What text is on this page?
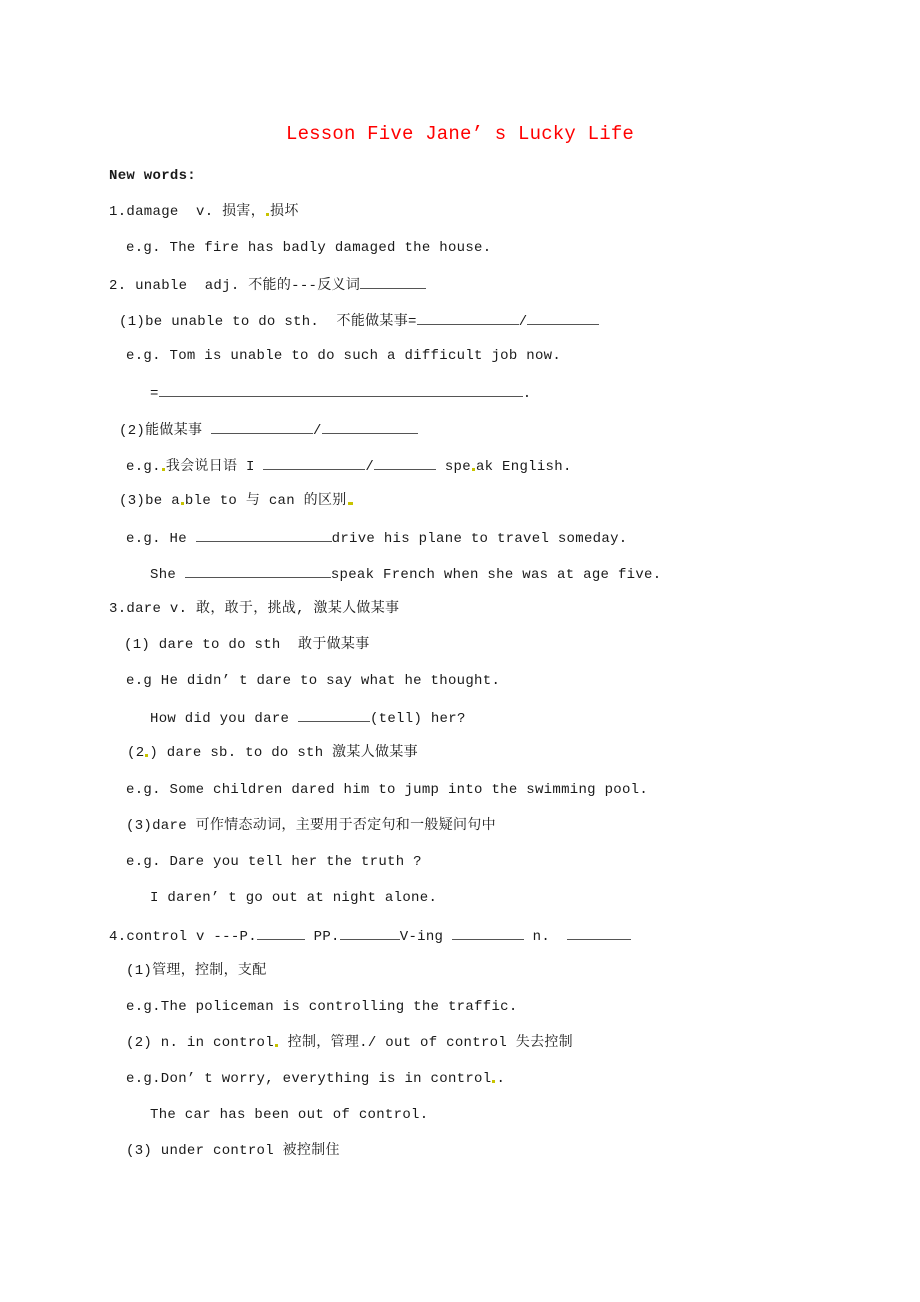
Lesson Five Jane’ s Lucky Life
New words:
1.damage  v. 损害， 损坏
e.g. The fire has badly damaged the house.
2. unable  adj. 不能的---反义词
(1)be unable to do sth.  不能做某事=	/
e.g. Tom is unable to do such a difficult job now.
=	.
(2)能做某事	/
e.g. 我会说日语 I	/	spe ak English.
(3)be a ble to 与 can 的区别
e.g. He	drive his plane to travel someday.
She	speak French when she was at age five.
3.dare v. 敢，敢于，挑战, 激某人做某事
(1) dare to do sth  敢于做某事
e.g He didn’ t dare to say what he thought.
How did you dare	(tell) her?
(2 ) dare sb. to do sth 激某人做某事
e.g. Some children dared him to jump into the swimming pool.
(3)dare 可作情态动词，主要用于否定句和一般疑问句中
e.g. Dare you tell her the truth ?
I daren’ t go out at night alone.
4.control v ---P.	PP.	V-ing	n.
(1)管理，控制，支配
e.g.The policeman is controlling the traffic.
(2) n. in control 控制，管理./ out of control 失去控制
e.g.Don’ t worry, everything is in control .
The car has been out of control.
(3) under control 被控制住
